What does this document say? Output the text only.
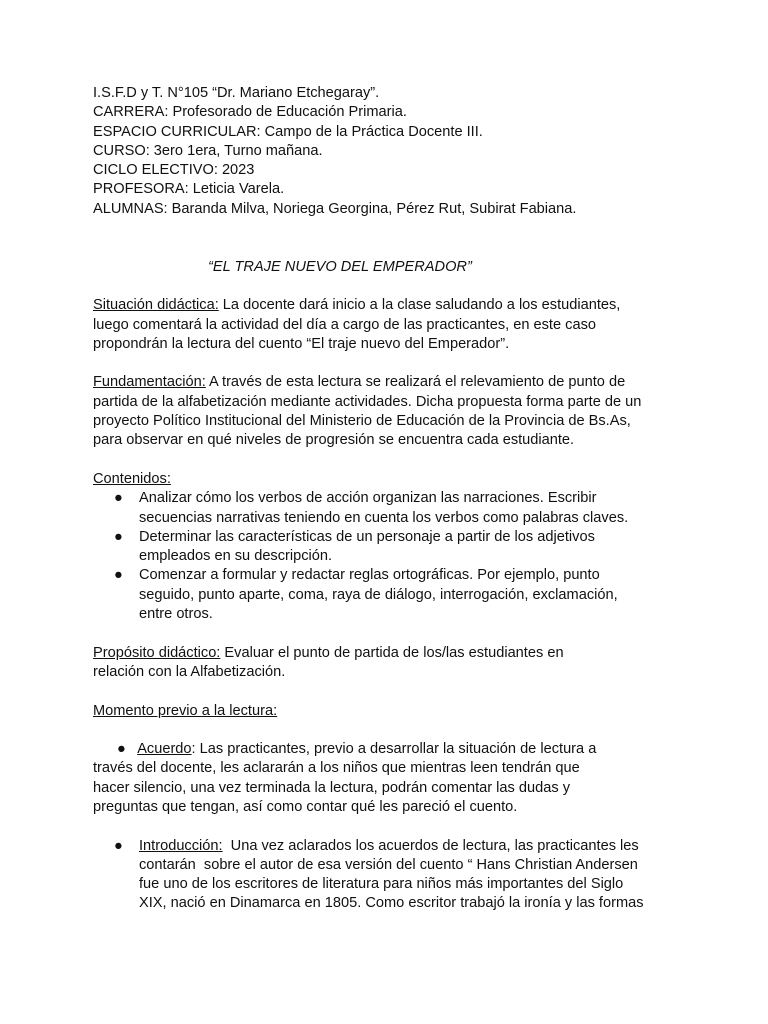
I.S.F.D y T. N°105 “Dr. Mariano Etchegaray”.
CARRERA: Profesorado de Educación Primaria.
ESPACIO CURRICULAR: Campo de la Práctica Docente III.
CURSO: 3ero 1era, Turno mañana.
CICLO ELECTIVO: 2023
PROFESORA: Leticia Varela.
ALUMNAS: Baranda Milva, Noriega Georgina, Pérez Rut, Subirat Fabiana.
“EL TRAJE NUEVO DEL EMPERADOR”
Situación didáctica: La docente dará inicio a la clase saludando a los estudiantes,
luego comentará la actividad del día a cargo de las practicantes, en este caso
propondrán la lectura del cuento “El traje nuevo del Emperador”.
Fundamentación: A través de esta lectura se realizará el relevamiento de punto de
partida de la alfabetización mediante actividades. Dicha propuesta forma parte de un
proyecto Político Institucional del Ministerio de Educación de la Provincia de Bs.As,
para observar en qué niveles de progresión se encuentra cada estudiante.
Contenidos:
● Analizar cómo los verbos de acción organizan las narraciones. Escribir
secuencias narrativas teniendo en cuenta los verbos como palabras claves.
● Determinar las características de un personaje a partir de los adjetivos
empleados en su descripción.
● Comenzar a formular y redactar reglas ortográficas. Por ejemplo, punto
seguido, punto aparte, coma, raya de diálogo, interrogación, exclamación,
entre otros.
Propósito didáctico: Evaluar el punto de partida de los/las estudiantes en
relación con la Alfabetización.
Momento previo a la lectura:
● Acuerdo: Las practicantes, previo a desarrollar la situación de lectura a
través del docente, les aclararán a los niños que mientras leen tendrán que
hacer silencio, una vez terminada la lectura, podrán comentar las dudas y
preguntas que tengan, así como contar qué les pareció el cuento.
● Introducción:  Una vez aclarados los acuerdos de lectura, las practicantes les
contarán  sobre el autor de esa versión del cuento “ Hans Christian Andersen
fue uno de los escritores de literatura para niños más importantes del Siglo
XIX, nació en Dinamarca en 1805. Como escritor trabajó la ironía y las formas
